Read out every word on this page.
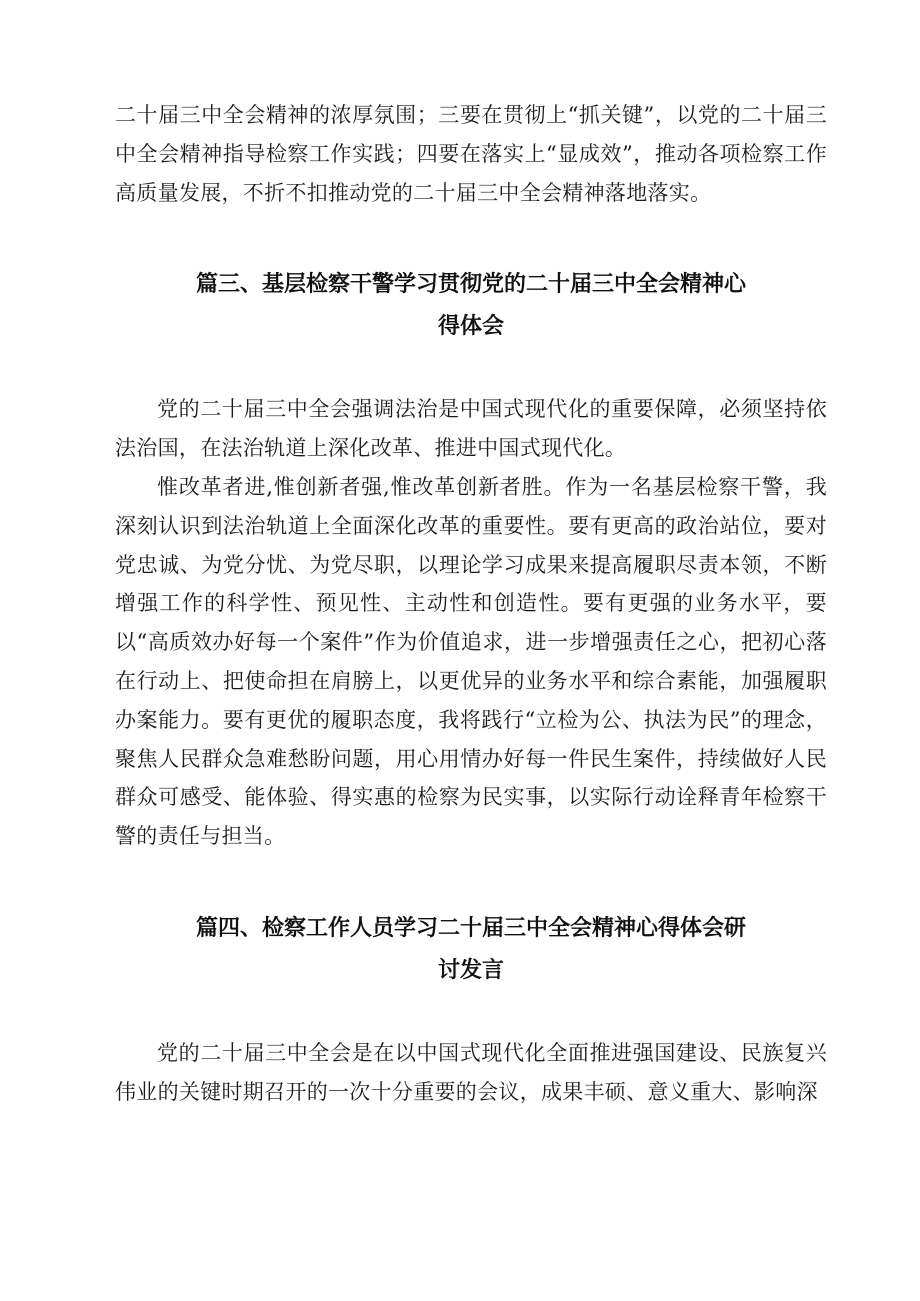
二十届三中全会精神的浓厚氛围；三要在贯彻上“抓关键”，以党的二十届三中全会精神指导检察工作实践；四要在落实上“显成效”，推动各项检察工作高质量发展，不折不扣推动党的二十届三中全会精神落地落实。

篇三、基层检察干警学习贯彻党的二十届三中全会精神心
得体会

党的二十届三中全会强调法治是中国式现代化的重要保障，必须坚持依法治国，在法治轨道上深化改革、推进中国式现代化。

惟改革者进,惟创新者强,惟改革创新者胜。作为一名基层检察干警，我深刻认识到法治轨道上全面深化改革的重要性。要有更高的政治站位，要对党忠诚、为党分忧、为党尽职，以理论学习成果来提高履职尽责本领，不断增强工作的科学性、预见性、主动性和创造性。要有更强的业务水平，要以“高质效办好每一个案件”作为价值追求，进一步增强责任之心，把初心落在行动上、把使命担在肩膀上，以更优异的业务水平和综合素能，加强履职办案能力。要有更优的履职态度，我将践行“立检为公、执法为民”的理念，聚焦人民群众急难愁盼问题，用心用情办好每一件民生案件，持续做好人民群众可感受、能体验、得实惠的检察为民实事，以实际行动诠释青年检察干警的责任与担当。

篇四、检察工作人员学习二十届三中全会精神心得体会研
讨发言

党的二十届三中全会是在以中国式现代化全面推进强国建设、民族复兴伟业的关键时期召开的一次十分重要的会议，成果丰硕、意义重大、影响深
